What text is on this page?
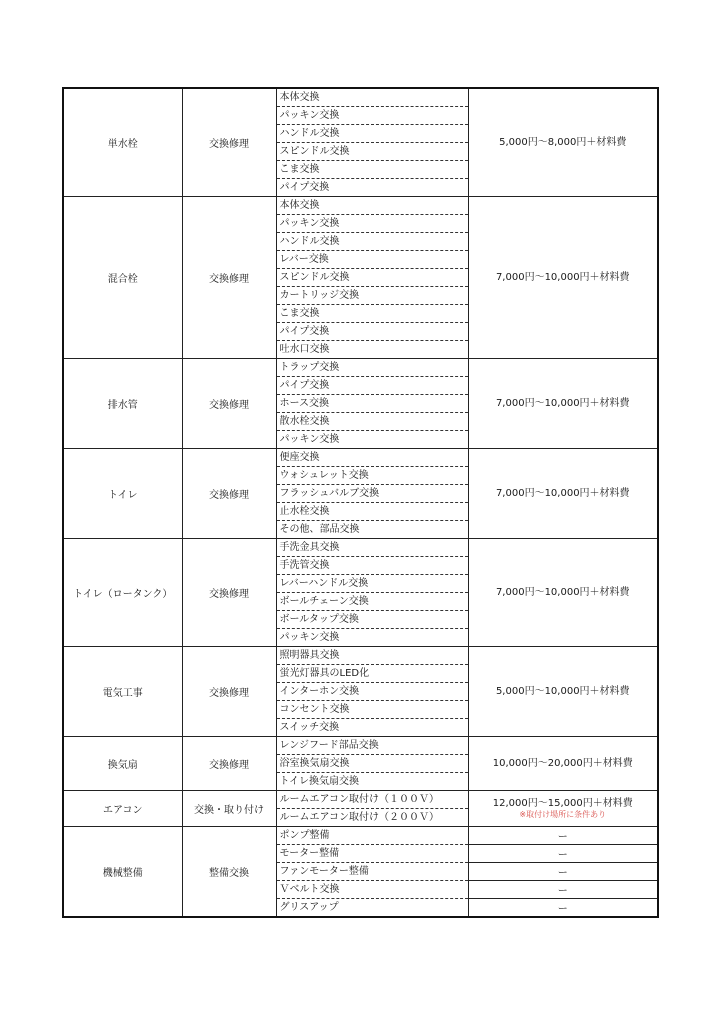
単水栓	交換修理	本体交換	5,000円～8,000円＋材料費

		パッキン交換	
		ハンドル交換	
		スピンドル交換	
		こま交換	
		パイプ交換	
混合栓	交換修理	本体交換	7,000円～10,000円＋材料費

		パッキン交換	
		ハンドル交換	
		レバー交換	
		スピンドル交換	
		カートリッジ交換	
		こま交換	
		パイプ交換	
		吐水口交換	
排水管	交換修理	トラップ交換	7,000円～10,000円＋材料費

		パイプ交換	
		ホース交換	
		散水栓交換	
		パッキン交換	
トイレ	交換修理	便座交換	7,000円～10,000円＋材料費

		ウォシュレット交換	
		フラッシュバルブ交換	
		止水栓交換	
		その他、部品交換	
トイレ（ロータンク）	交換修理	手洗金具交換	7,000円～10,000円＋材料費

		手洗管交換	
		レバーハンドル交換	
		ボールチェーン交換	
		ボールタップ交換	
		パッキン交換	
電気工事	交換修理	照明器具交換	5,000円～10,000円＋材料費

		蛍光灯器具のLED化	
		インターホン交換	
		コンセント交換	
		スイッチ交換	
換気扇	交換修理	レンジフード部品交換	10,000円～20,000円＋材料費

		浴室換気扇交換	
		トイレ換気扇交換	
エアコン	交換・取り付け	ルームエアコン取付け（１００Ｖ）	12,000円～15,000円＋材料費
※取付け場所に条件あり

		ルームエアコン取付け（２００Ｖ）	
機械整備	整備交換	ポンプ整備	ー
		モーター整備	ー
		ファンモーター整備	ー
		Ｖベルト交換	ー
		グリスアップ	ー
